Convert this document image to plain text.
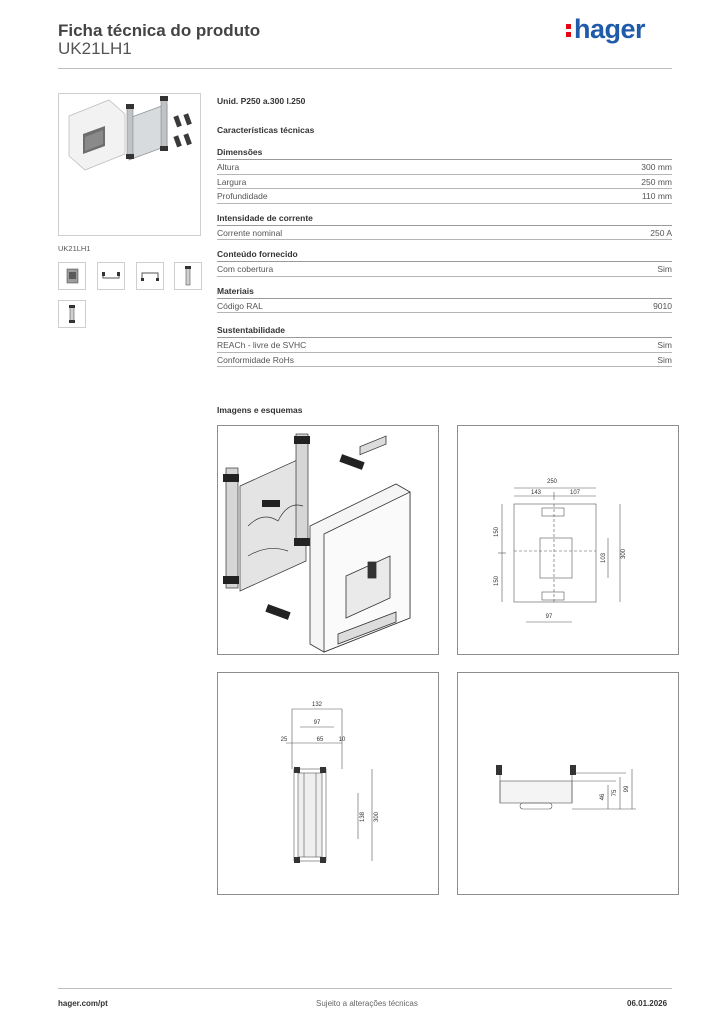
Ficha técnica do produto
UK21LH1
hager
UK21LH1
Unid. P250 a.300 l.250
Características técnicas
Dimensões
Altura	300 mm
Largura	250 mm
Profundidade	110 mm
Intensidade de corrente
Corrente nominal	250 A
Conteúdo fornecido
Com cobertura	Sim
Materiais
Código RAL	9010
Sustentabilidade
REACh - livre de SVHC	Sim
Conformidade RoHs	Sim
Imagens e esquemas
250
143	107
150
150
103 300
97
132
97
25	65	10
138 300
46
75
99
hager.com/pt	Sujeito a alterações técnicas	06.01.2026
